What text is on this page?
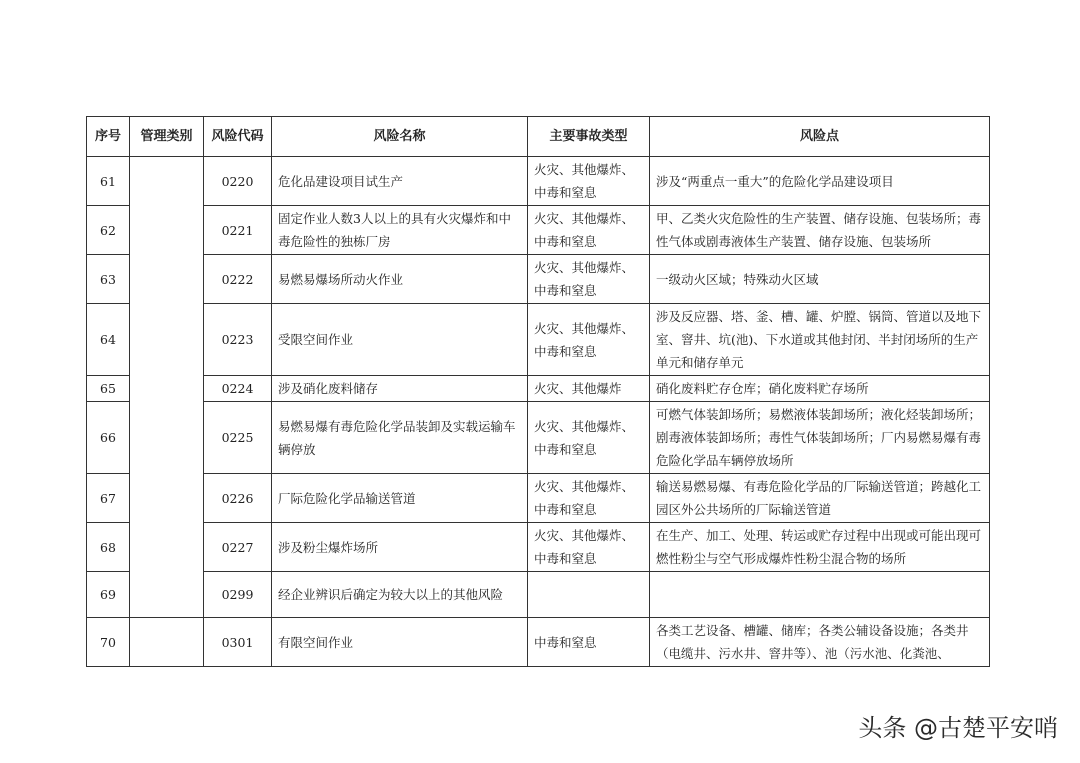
序号	管理类别	风险代码	风险名称	主要事故类型	风险点
61		0220	危化品建设项目试生产	火灾、其他爆炸、中毒和窒息	涉及“两重点一重大”的危险化学品建设项目
62		0221	固定作业人数3人以上的具有火灾爆炸和中毒危险性的独栋厂房	火灾、其他爆炸、中毒和窒息	甲、乙类火灾危险性的生产装置、储存设施、包装场所；毒性气体或剧毒液体生产装置、储存设施、包装场所
63		0222	易燃易爆场所动火作业	火灾、其他爆炸、中毒和窒息	一级动火区域；特殊动火区域
64		0223	受限空间作业	火灾、其他爆炸、中毒和窒息	涉及反应器、塔、釜、槽、罐、炉膛、锅筒、管道以及地下室、窨井、坑(池)、下水道或其他封闭、半封闭场所的生产单元和储存单元
65		0224	涉及硝化废料储存	火灾、其他爆炸	硝化废料贮存仓库；硝化废料贮存场所
66		0225	易燃易爆有毒危险化学品装卸及实载运输车辆停放	火灾、其他爆炸、中毒和窒息	可燃气体装卸场所；易燃液体装卸场所；液化烃装卸场所；剧毒液体装卸场所；毒性气体装卸场所；厂内易燃易爆有毒危险化学品车辆停放场所
67		0226	厂际危险化学品输送管道	火灾、其他爆炸、中毒和窒息	输送易燃易爆、有毒危险化学品的厂际输送管道；跨越化工园区外公共场所的厂际输送管道
68		0227	涉及粉尘爆炸场所	火灾、其他爆炸、中毒和窒息	在生产、加工、处理、转运或贮存过程中出现或可能出现可燃性粉尘与空气形成爆炸性粉尘混合物的场所
69		0299	经企业辨识后确定为较大以上的其他风险		
70		0301	有限空间作业	中毒和窒息	各类工艺设备、槽罐、储库；各类公辅设备设施；各类井（电缆井、污水井、窨井等）、池（污水池、化粪池、
头条 @古楚平安哨
